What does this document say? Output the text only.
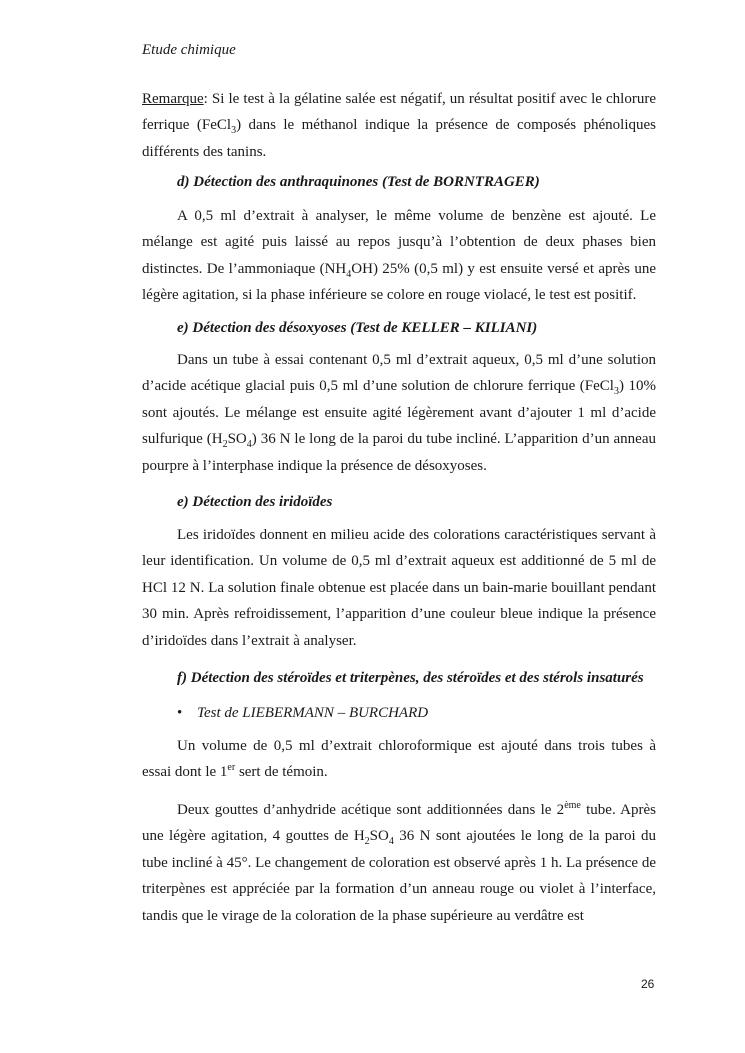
Etude chimique
Remarque: Si le test à la gélatine salée est négatif, un résultat positif avec le chlorure ferrique (FeCl$_3$) dans le méthanol indique la présence de composés phénoliques différents des tanins.
d) Détection des anthraquinones (Test de BORNTRAGER)
A 0,5 ml d’extrait à analyser, le même volume de benzène est ajouté. Le mélange est agité puis laissé au repos jusqu’à l’obtention de deux phases bien distinctes. De l’ammoniaque $(NH_4OH)$ 25% (0,5 ml) y est ensuite versé et après une légère agitation, si la phase inférieure se colore en rouge violacé, le test est positif.
e) Détection des désoxyoses (Test de KELLER – KILIANI)
Dans un tube à essai contenant 0,5 ml d’extrait aqueux, 0,5 ml d’une solution d’acide acétique glacial puis 0,5 ml d’une solution de chlorure ferrique (FeCl$_3$) 10% sont ajoutés. Le mélange est ensuite agité légèrement avant d’ajouter 1 ml d’acide sulfurique $(H_2SO_4)$ 36 N le long de la paroi du tube incliné. L’apparition d’un anneau pourpre à l’interphase indique la présence de désoxyoses.
e) Détection des iridoïdes
Les iridoïdes donnent en milieu acide des colorations caractéristiques servant à leur identification. Un volume de 0,5 ml d’extrait aqueux est additionné de 5 ml de HCl 12 N. La solution finale obtenue est placée dans un bain-marie bouillant pendant 30 min. Après refroidissement, l’apparition d’une couleur bleue indique la présence d’iridoïdes dans l’extrait à analyser.
f) Détection des stéroïdes et triterpènes, des stéroïdes et des stérols insaturés
• Test de LIEBERMANN – BURCHARD
Un volume de 0,5 ml d’extrait chloroformique est ajouté dans trois tubes à essai dont le 1er sert de témoin.
Deux gouttes d’anhydride acétique sont additionnées dans le 2ème tube. Après une légère agitation, 4 gouttes de $H_2SO_4$ 36 N sont ajoutées le long de la paroi du tube incliné à 45°. Le changement de coloration est observé après 1 h. La présence de triterpènes est appréciée par la formation d’un anneau rouge ou violet à l’interface, tandis que le virage de la coloration de la phase supérieure au verdâtre est
26
